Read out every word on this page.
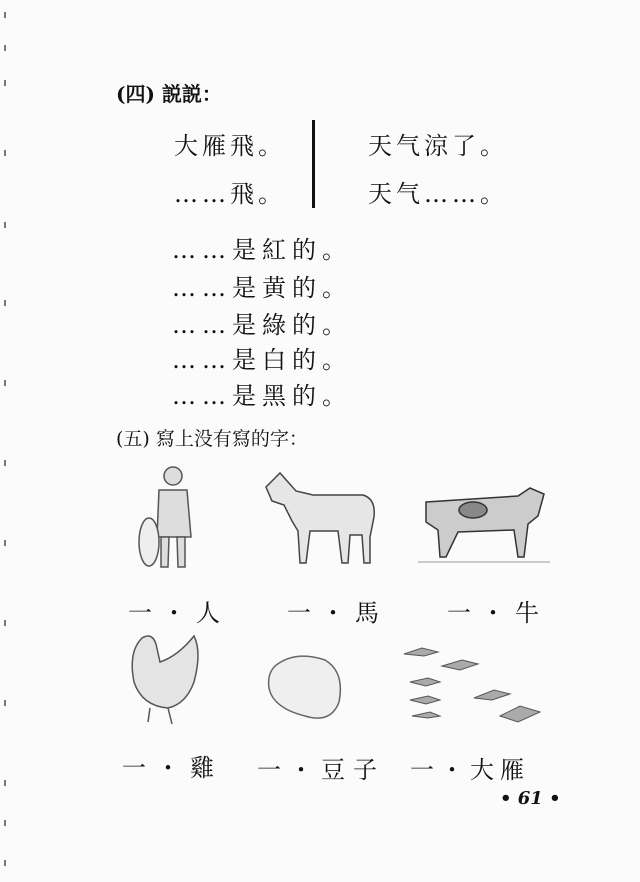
(四) 説説：
大雁飛。
……飛。
天气涼了。
天气……。
……是紅的。
……是黄的。
……是綠的。
……是白的。
……是黑的。
(五) 寫上没有寫的字：
一・人 一・馬 一・牛
一・雞 一・豆子 一・大雁
• 61 •
